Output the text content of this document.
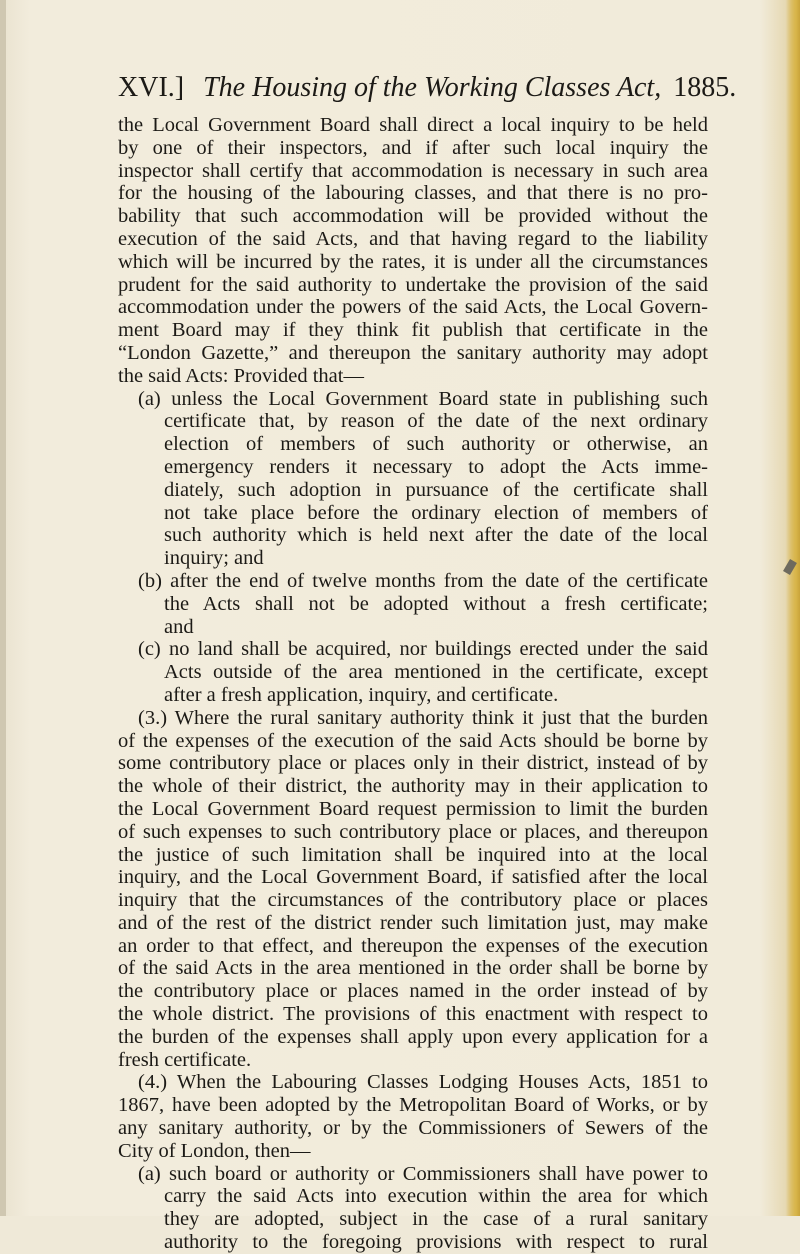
XVI.] The Housing of the Working Classes Act, 1885.
the Local Government Board shall direct a local inquiry to be held
by one of their inspectors, and if after such local inquiry the
inspector shall certify that accommodation is necessary in such area
for the housing of the labouring classes, and that there is no pro-
bability that such accommodation will be provided without the
execution of the said Acts, and that having regard to the liability
which will be incurred by the rates, it is under all the circumstances
prudent for the said authority to undertake the provision of the said
accommodation under the powers of the said Acts, the Local Govern-
ment Board may if they think fit publish that certificate in the
“London Gazette,” and thereupon the sanitary authority may adopt
the said Acts: Provided that—
(a) unless the Local Government Board state in publishing such
certificate that, by reason of the date of the next ordinary
election of members of such authority or otherwise, an
emergency renders it necessary to adopt the Acts imme-
diately, such adoption in pursuance of the certificate shall
not take place before the ordinary election of members of
such authority which is held next after the date of the local
inquiry; and
(b) after the end of twelve months from the date of the certificate
the Acts shall not be adopted without a fresh certificate;
and
(c) no land shall be acquired, nor buildings erected under the said
Acts outside of the area mentioned in the certificate, except
after a fresh application, inquiry, and certificate.
(3.) Where the rural sanitary authority think it just that the burden
of the expenses of the execution of the said Acts should be borne by
some contributory place or places only in their district, instead of by
the whole of their district, the authority may in their application to
the Local Government Board request permission to limit the burden
of such expenses to such contributory place or places, and thereupon
the justice of such limitation shall be inquired into at the local
inquiry, and the Local Government Board, if satisfied after the local
inquiry that the circumstances of the contributory place or places
and of the rest of the district render such limitation just, may make
an order to that effect, and thereupon the expenses of the execution
of the said Acts in the area mentioned in the order shall be borne by
the contributory place or places named in the order instead of by
the whole district. The provisions of this enactment with respect to
the burden of the expenses shall apply upon every application for a
fresh certificate.
(4.) When the Labouring Classes Lodging Houses Acts, 1851 to
1867, have been adopted by the Metropolitan Board of Works, or by
any sanitary authority, or by the Commissioners of Sewers of the
City of London, then—
(a) such board or authority or Commissioners shall have power to
carry the said Acts into execution within the area for which
they are adopted, subject in the case of a rural sanitary
authority to the foregoing provisions with respect to rural
